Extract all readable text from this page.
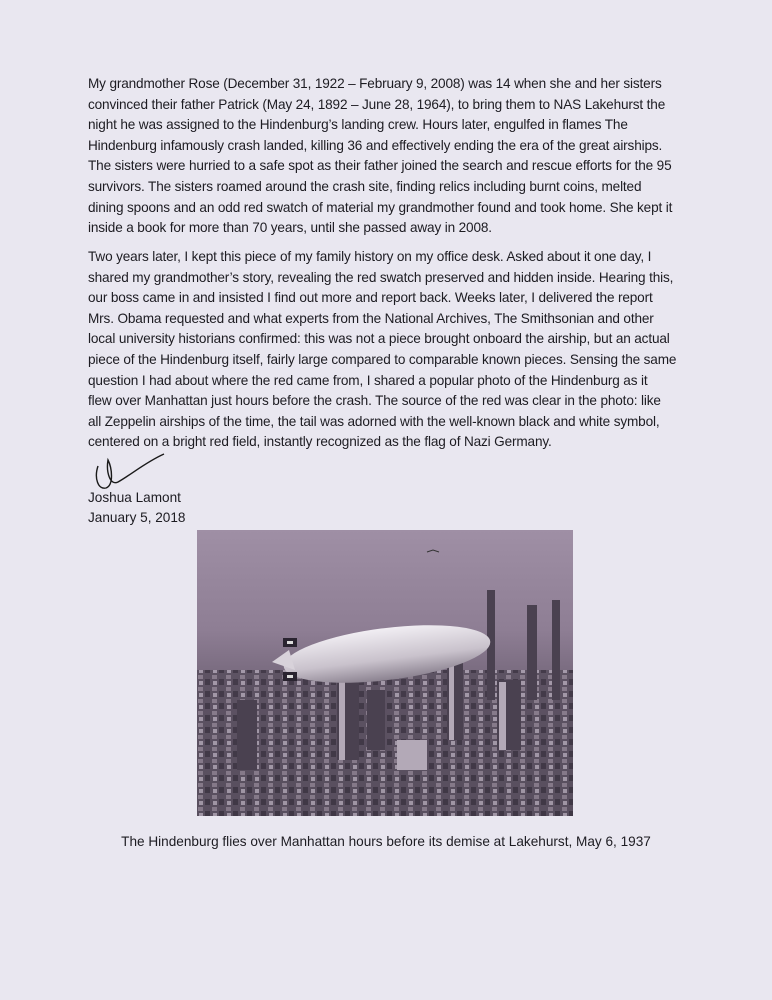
My grandmother Rose (December 31, 1922 – February 9, 2008) was 14 when she and her sisters
convinced their father Patrick (May 24, 1892 – June 28, 1964), to bring them to NAS Lakehurst the
night he was assigned to the Hindenburg’s landing crew. Hours later, engulfed in flames The
Hindenburg infamously crash landed, killing 36 and effectively ending the era of the great airships.
The sisters were hurried to a safe spot as their father joined the search and rescue efforts for the 95
survivors. The sisters roamed around the crash site, finding relics including burnt coins, melted
dining spoons and an odd red swatch of material my grandmother found and took home. She kept it
inside a book for more than 70 years, until she passed away in 2008.
Two years later, I kept this piece of my family history on my office desk. Asked about it one day, I
shared my grandmother’s story, revealing the red swatch preserved and hidden inside. Hearing this,
our boss came in and insisted I find out more and report back. Weeks later, I delivered the report
Mrs. Obama requested and what experts from the National Archives, The Smithsonian and other
local university historians confirmed: this was not a piece brought onboard the airship, but an actual
piece of the Hindenburg itself, fairly large compared to comparable known pieces. Sensing the same
question I had about where the red came from, I shared a popular photo of the Hindenburg as it
flew over Manhattan just hours before the crash. The source of the red was clear in the photo: like
all Zeppelin airships of the time, the tail was adorned with the well-known black and white symbol,
centered on a bright red field, instantly recognized as the flag of Nazi Germany.
Joshua Lamont
January 5, 2018
The Hindenburg flies over Manhattan hours before its demise at Lakehurst, May 6, 1937
